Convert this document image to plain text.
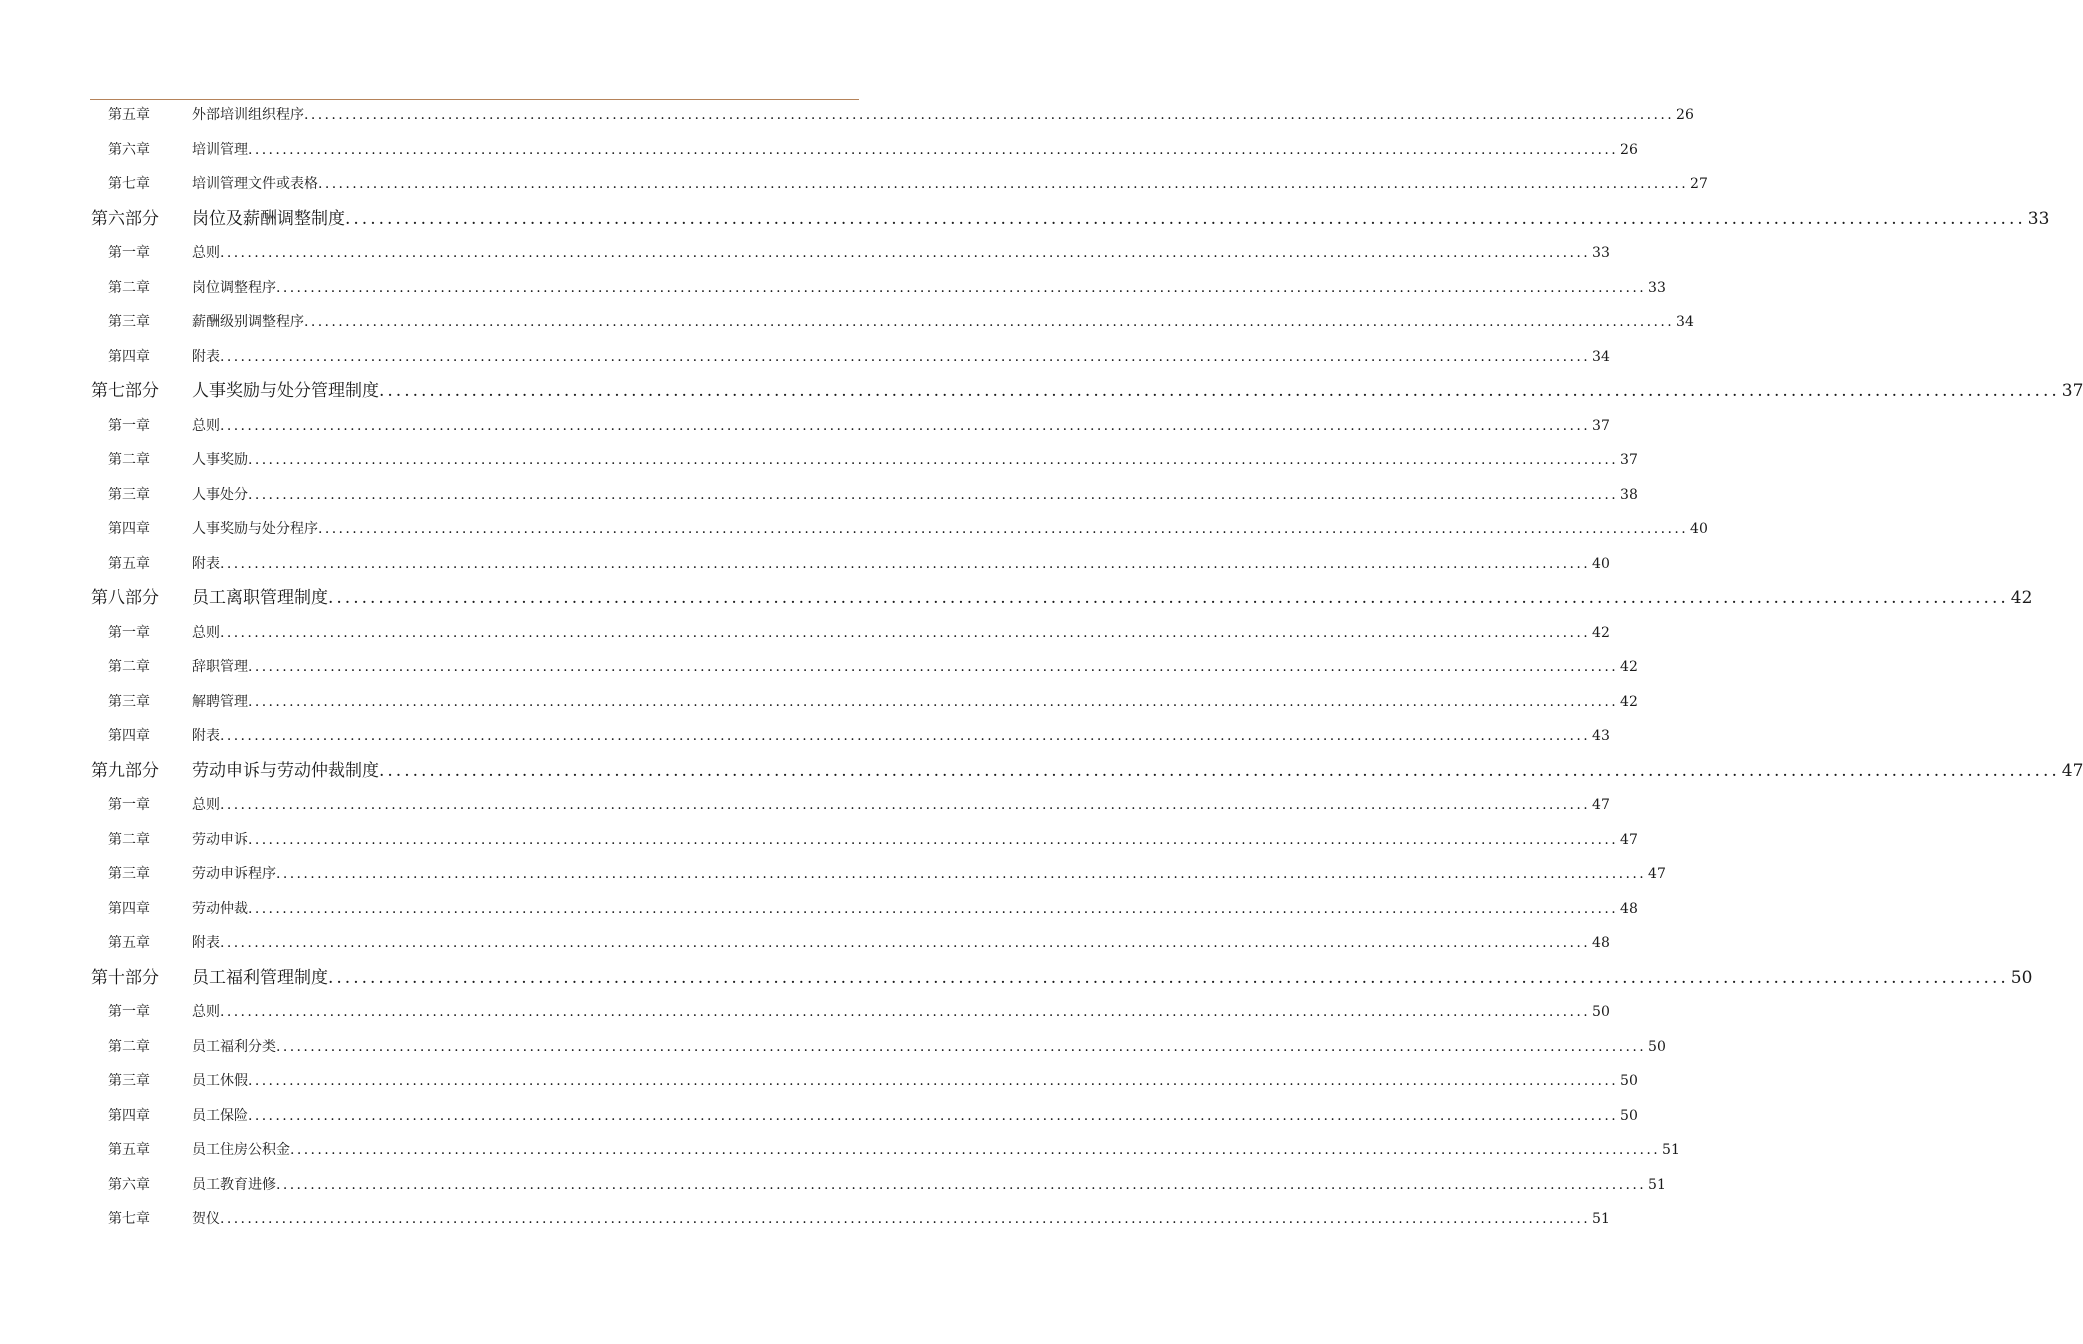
第五章	外部培训组织程序 ........................................................................................................................................................................................................ 26
第六章	培训管理 ........................................................................................................................................................................................................ 26
第七章	培训管理文件或表格 ........................................................................................................................................................................................................ 27
第六部分 岗位及薪酬调整制度 ........................................................................................................................................................................................................ 33
第一章	总则 ........................................................................................................................................................................................................ 33
第二章	岗位调整程序 ........................................................................................................................................................................................................ 33
第三章	薪酬级别调整程序 ........................................................................................................................................................................................................ 34
第四章	附表 ........................................................................................................................................................................................................ 34
第七部分 人事奖励与处分管理制度 ........................................................................................................................................................................................................ 37
第一章	总则 ........................................................................................................................................................................................................ 37
第二章	人事奖励 ........................................................................................................................................................................................................ 37
第三章	人事处分 ........................................................................................................................................................................................................ 38
第四章	人事奖励与处分程序 ........................................................................................................................................................................................................ 40
第五章	附表 ........................................................................................................................................................................................................ 40
第八部分 员工离职管理制度 ........................................................................................................................................................................................................ 42
第一章	总则 ........................................................................................................................................................................................................ 42
第二章	辞职管理 ........................................................................................................................................................................................................ 42
第三章	解聘管理 ........................................................................................................................................................................................................ 42
第四章	附表 ........................................................................................................................................................................................................ 43
第九部分 劳动申诉与劳动仲裁制度 ........................................................................................................................................................................................................ 47
第一章	总则 ........................................................................................................................................................................................................ 47
第二章	劳动申诉 ........................................................................................................................................................................................................ 47
第三章	劳动申诉程序 ........................................................................................................................................................................................................ 47
第四章	劳动仲裁 ........................................................................................................................................................................................................ 48
第五章	附表 ........................................................................................................................................................................................................ 48
第十部分 员工福利管理制度 ........................................................................................................................................................................................................ 50
第一章	总则 ........................................................................................................................................................................................................ 50
第二章	员工福利分类 ........................................................................................................................................................................................................ 50
第三章	员工休假 ........................................................................................................................................................................................................ 50
第四章	员工保险 ........................................................................................................................................................................................................ 50
第五章	员工住房公积金 ........................................................................................................................................................................................................ 51
第六章	员工教育进修 ........................................................................................................................................................................................................ 51
第七章	贺仪 ........................................................................................................................................................................................................ 51
